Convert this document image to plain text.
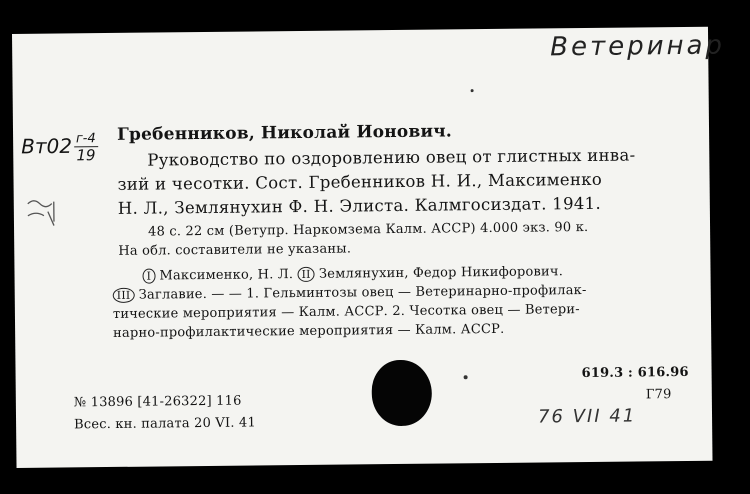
Ветеринар
$Вт02 \frac{г-4}{19}$ Гребенников, Николай Ионович.
Руководство по оздоровлению овец от глистных инва-
зий и чесотки. Сост. Гребенников Н. И., Максименко
Н. Л., Землянухин Ф. Н. Элиста. Калмгосиздат. 1941.
48 с. 22 см (Ветупр. Наркомзема Калм. АССР) 4.000 экз. 90 к.
На обл. составители не указаны.
I Максименко, Н. Л. II Землянухин, Федор Никифорович.
III Заглавие. — — 1. Гельминтозы овец — Ветеринарно-профилак-
тические мероприятия — Калм. АССР. 2. Чесотка овец — Ветери-
нарно-профилактические мероприятия — Калм. АССР.
№ 13896 [41-26322] 116
Всес. кн. палата 20 VI. 41
619.3 : 616.96
Г79
76 VII 41
